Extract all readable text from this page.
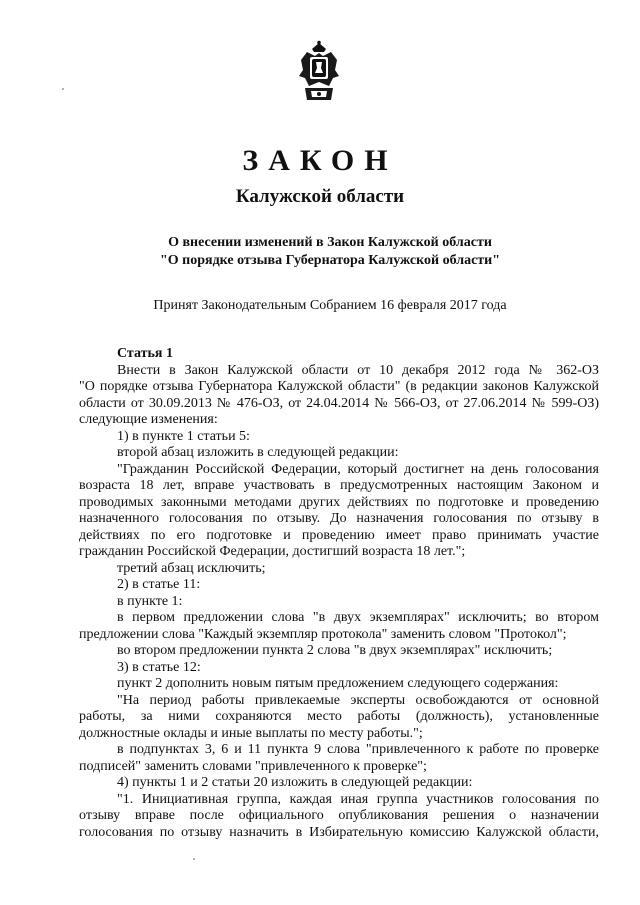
ЗАКОН
Калужской области
О внесении изменений в Закон Калужской области
"О порядке отзыва Губернатора Калужской области"
Принят Законодательным Собранием 16 февраля 2017 года
Статья 1
Внести в Закон Калужской области от 10 декабря 2012 года № 362-ОЗ
"О порядке отзыва Губернатора Калужской области" (в редакции законов Калужской
области от 30.09.2013 № 476-ОЗ, от 24.04.2014 № 566-ОЗ, от 27.06.2014 № 599-ОЗ)
следующие изменения:
1) в пункте 1 статьи 5:
второй абзац изложить в следующей редакции:
"Гражданин Российской Федерации, который достигнет на день голосования
возраста 18 лет, вправе участвовать в предусмотренных настоящим Законом и
проводимых законными методами других действиях по подготовке и проведению
назначенного голосования по отзыву. До назначения голосования по отзыву в
действиях по его подготовке и проведению имеет право принимать участие
гражданин Российской Федерации, достигший возраста 18 лет.";
третий абзац исключить;
2) в статье 11:
в пункте 1:
в первом предложении слова "в двух экземплярах" исключить; во втором
предложении слова "Каждый экземпляр протокола" заменить словом "Протокол";
во втором предложении пункта 2 слова "в двух экземплярах" исключить;
3) в статье 12:
пункт 2 дополнить новым пятым предложением следующего содержания:
"На период работы привлекаемые эксперты освобождаются от основной
работы, за ними сохраняются место работы (должность), установленные
должностные оклады и иные выплаты по месту работы.";
в подпунктах 3, 6 и 11 пункта 9 слова "привлеченного к работе по проверке
подписей" заменить словами "привлеченного к проверке";
4) пункты 1 и 2 статьи 20 изложить в следующей редакции:
"1. Инициативная группа, каждая иная группа участников голосования по
отзыву вправе после официального опубликования решения о назначении
голосования по отзыву назначить в Избирательную комиссию Калужской области,
